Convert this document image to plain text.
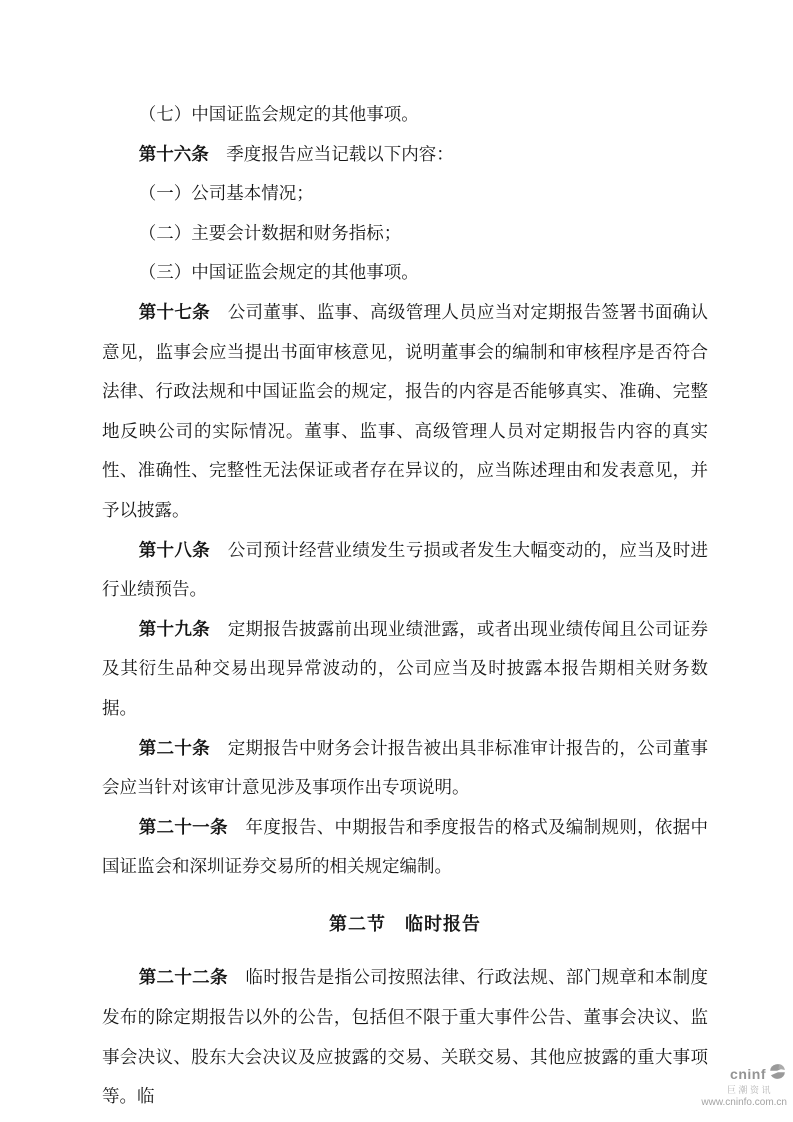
（七）中国证监会规定的其他事项。

第十六条　季度报告应当记载以下内容：

（一）公司基本情况；

（二）主要会计数据和财务指标；

（三）中国证监会规定的其他事项。

第十七条　公司董事、监事、高级管理人员应当对定期报告签署书面确认意见，监事会应当提出书面审核意见，说明董事会的编制和审核程序是否符合法律、行政法规和中国证监会的规定，报告的内容是否能够真实、准确、完整地反映公司的实际情况。董事、监事、高级管理人员对定期报告内容的真实性、准确性、完整性无法保证或者存在异议的，应当陈述理由和发表意见，并予以披露。

第十八条　公司预计经营业绩发生亏损或者发生大幅变动的，应当及时进行业绩预告。

第十九条　定期报告披露前出现业绩泄露，或者出现业绩传闻且公司证券及其衍生品种交易出现异常波动的，公司应当及时披露本报告期相关财务数据。

第二十条　定期报告中财务会计报告被出具非标准审计报告的，公司董事会应当针对该审计意见涉及事项作出专项说明。

第二十一条　年度报告、中期报告和季度报告的格式及编制规则，依据中国证监会和深圳证券交易所的相关规定编制。

第二节　临时报告

第二十二条　临时报告是指公司按照法律、行政法规、部门规章和本制度发布的除定期报告以外的公告，包括但不限于重大事件公告、董事会决议、监事会决议、股东大会决议及应披露的交易、关联交易、其他应披露的重大事项等。临

cninf
巨潮资讯
www.cninfo.com.cn
